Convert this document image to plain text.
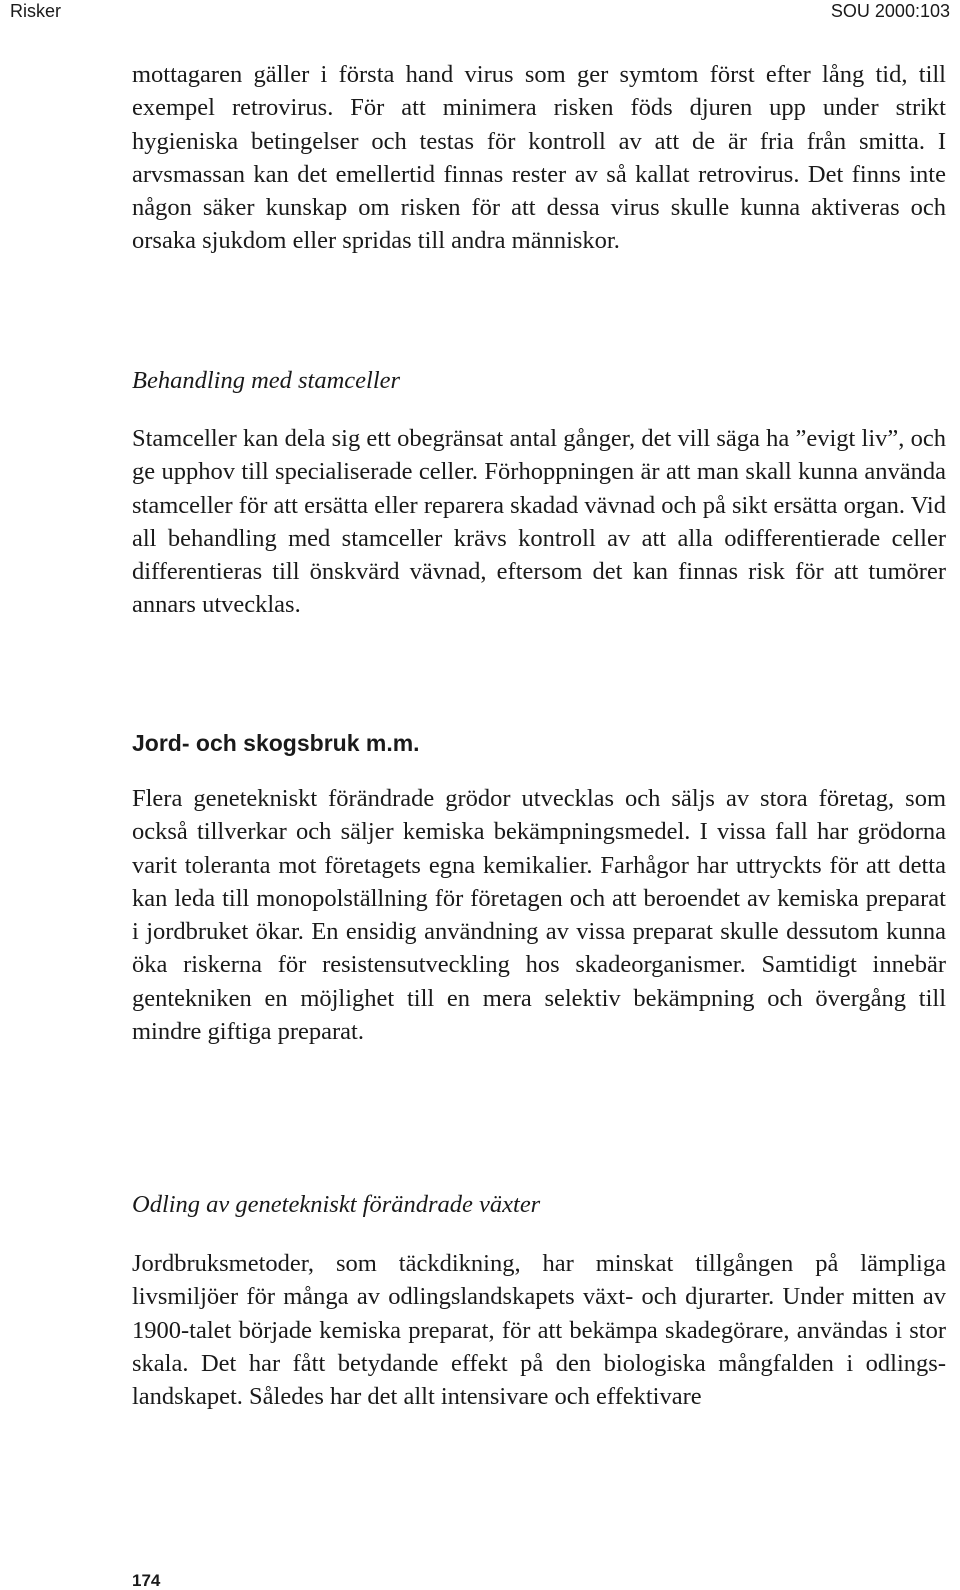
Risker	SOU 2000:103

mottagaren gäller i första hand virus som ger symtom först efter lång tid, till exempel retrovirus. För att minimera risken föds djuren upp under strikt hygieniska betingelser och testas för kontroll av att de är fria från smitta. I arvsmassan kan det emellertid finnas rester av så kallat retrovirus. Det finns inte någon säker kunskap om risken för att dessa virus skulle kunna aktiveras och orsaka sjukdom eller spridas till andra människor.

Behandling med stamceller

Stamceller kan dela sig ett obegränsat antal gånger, det vill säga ha ”evigt liv”, och ge upphov till specialiserade celler. Förhoppningen är att man skall kunna använda stamceller för att ersätta eller reparera skadad vävnad och på sikt ersätta organ. Vid all behandling med stamceller krävs kontroll av att alla odifferentierade celler differentieras till önskvärd vävnad, eftersom det kan finnas risk för att tumörer annars utvecklas.

Jord- och skogsbruk m.m.

Flera genetekniskt förändrade grödor utvecklas och säljs av stora företag, som också tillverkar och säljer kemiska bekämpningsmedel. I vissa fall har grödorna varit toleranta mot företagets egna kemikalier. Farhågor har uttryckts för att detta kan leda till monopolställning för företagen och att beroendet av kemiska preparat i jordbruket ökar. En ensidig användning av vissa preparat skulle dessutom kunna öka riskerna för resistensutveckling hos skadeorganismer. Samtidigt innebär gentekniken en möjlighet till en mera selektiv bekämpning och övergång till mindre giftiga preparat.

Odling av genetekniskt förändrade växter

Jordbruksmetoder, som täckdikning, har minskat tillgången på lämpliga livsmiljöer för många av odlingslandskapets växt- och djurarter. Under mitten av 1900-talet började kemiska preparat, för att bekämpa skadegörare, användas i stor skala. Det har fått betydande effekt på den biologiska mångfalden i odlingslandskapet. Således har det allt intensivare och effektivare

174
